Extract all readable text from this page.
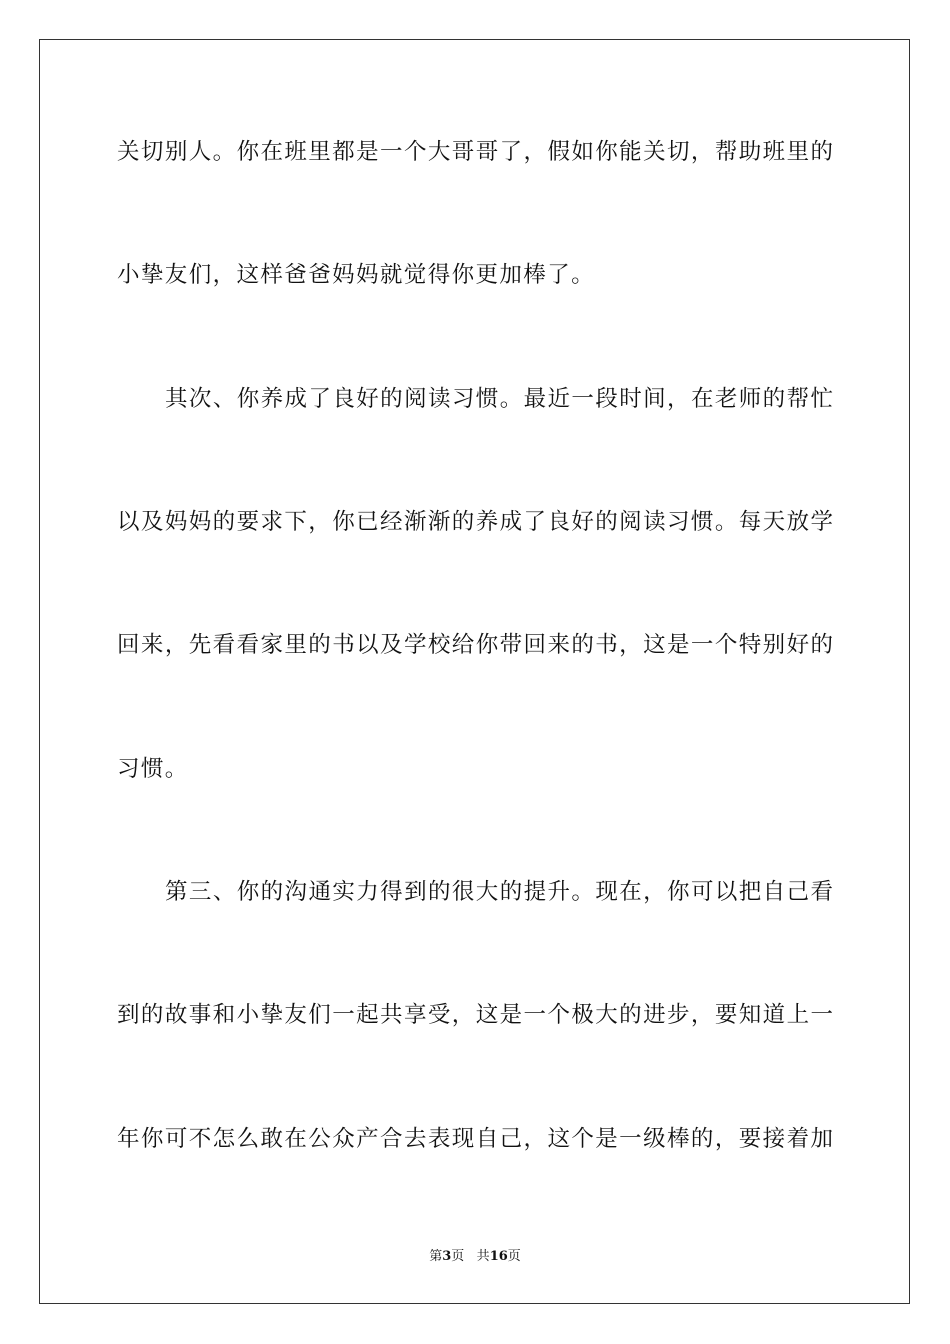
关切别人。你在班里都是一个大哥哥了，假如你能关切，帮助班里的
小挚友们，这样爸爸妈妈就觉得你更加棒了。
其次、你养成了良好的阅读习惯。最近一段时间，在老师的帮忙
以及妈妈的要求下，你已经渐渐的养成了良好的阅读习惯。每天放学
回来，先看看家里的书以及学校给你带回来的书，这是一个特别好的
习惯。
第三、你的沟通实力得到的很大的提升。现在，你可以把自己看
到的故事和小挚友们一起共享受，这是一个极大的进步，要知道上一
年你可不怎么敢在公众产合去表现自己，这个是一级棒的，要接着加
第3页 共16页
